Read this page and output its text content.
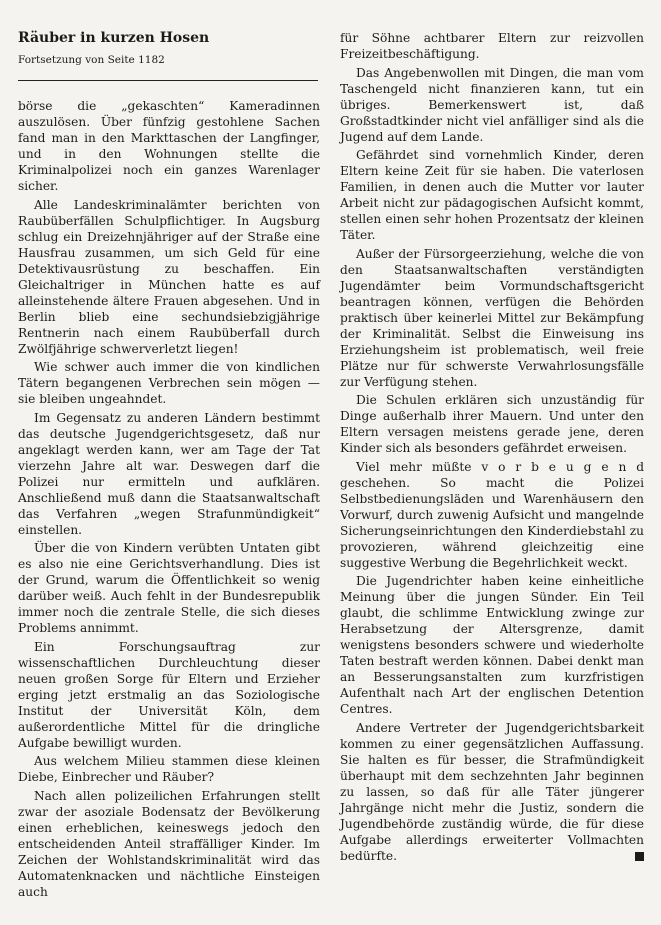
Räuber in kurzen Hosen
Fortsetzung von Seite 1182

börse die „gekaschten“ Kameradinnen auszulösen. Über fünfzig gestohlene Sachen fand man in den Markttaschen der Langfinger, und in den Wohnungen stellte die Kriminalpolizei noch ein ganzes Warenlager sicher.

Alle Landeskriminalämter berichten von Raubüberfällen Schulpflichtiger. In Augsburg schlug ein Dreizehnjähriger auf der Straße eine Hausfrau zusammen, um sich Geld für eine Detektivausrüstung zu beschaffen. Ein Gleichaltriger in München hatte es auf alleinstehende ältere Frauen abgesehen. Und in Berlin blieb eine sechundsiebzigjährige Rentnerin nach einem Raubüberfall durch Zwölfjährige schwerverletzt liegen!

Wie schwer auch immer die von kindlichen Tätern begangenen Verbrechen sein mögen — sie bleiben ungeahndet.

Im Gegensatz zu anderen Ländern bestimmt das deutsche Jugendgerichtsgesetz, daß nur angeklagt werden kann, wer am Tage der Tat vierzehn Jahre alt war. Deswegen darf die Polizei nur ermitteln und aufklären. Anschließend muß dann die Staatsanwaltschaft das Verfahren „wegen Strafunmündigkeit“ einstellen.

Über die von Kindern verübten Untaten gibt es also nie eine Gerichtsverhandlung. Dies ist der Grund, warum die Öffentlichkeit so wenig darüber weiß. Auch fehlt in der Bundesrepublik immer noch die zentrale Stelle, die sich dieses Problems annimmt.

Ein Forschungsauftrag zur wissenschaftlichen Durchleuchtung dieser neuen großen Sorge für Eltern und Erzieher erging jetzt erstmalig an das Soziologische Institut der Universität Köln, dem außerordentliche Mittel für die dringliche Aufgabe bewilligt wurden.

Aus welchem Milieu stammen diese kleinen Diebe, Einbrecher und Räuber?

Nach allen polizeilichen Erfahrungen stellt zwar der asoziale Bodensatz der Bevölkerung einen erheblichen, keineswegs jedoch den entscheidenden Anteil straffälliger Kinder. Im Zeichen der Wohlstandskriminalität wird das Automatenknacken und nächtliche Einsteigen auch

für Söhne achtbarer Eltern zur reizvollen Freizeitbeschäftigung.

Das Angebenwollen mit Dingen, die man vom Taschengeld nicht finanzieren kann, tut ein übriges. Bemerkenswert ist, daß Großstadtkinder nicht viel anfälliger sind als die Jugend auf dem Lande.

Gefährdet sind vornehmlich Kinder, deren Eltern keine Zeit für sie haben. Die vaterlosen Familien, in denen auch die Mutter vor lauter Arbeit nicht zur pädagogischen Aufsicht kommt, stellen einen sehr hohen Prozentsatz der kleinen Täter.

Außer der Fürsorgeerziehung, welche die von den Staatsanwaltschaften verständigten Jugendämter beim Vormundschaftsgericht beantragen können, verfügen die Behörden praktisch über keinerlei Mittel zur Bekämpfung der Kriminalität. Selbst die Einweisung ins Erziehungsheim ist problematisch, weil freie Plätze nur für schwerste Verwahrlosungsfälle zur Verfügung stehen.

Die Schulen erklären sich unzuständig für Dinge außerhalb ihrer Mauern. Und unter den Eltern versagen meistens gerade jene, deren Kinder sich als besonders gefährdet erweisen.

Viel mehr müßte v o r b e u g e n d geschehen. So macht die Polizei Selbstbedienungsläden und Warenhäusern den Vorwurf, durch zuwenig Aufsicht und mangelnde Sicherungseinrichtungen den Kinderdiebstahl zu provozieren, während gleichzeitig eine suggestive Werbung die Begehrlichkeit weckt.

Die Jugendrichter haben keine einheitliche Meinung über die jungen Sünder. Ein Teil glaubt, die schlimme Entwicklung zwinge zur Herabsetzung der Altersgrenze, damit wenigstens besonders schwere und wiederholte Taten bestraft werden können. Dabei denkt man an Besserungsanstalten zum kurzfristigen Aufenthalt nach Art der englischen Detention Centres.

Andere Vertreter der Jugendgerichtsbarkeit kommen zu einer gegensätzlichen Auffassung. Sie halten es für besser, die Strafmündigkeit überhaupt mit dem sechzehnten Jahr beginnen zu lassen, so daß für alle Täter jüngerer Jahrgänge nicht mehr die Justiz, sondern die Jugendbehörde zuständig würde, die für diese Aufgabe allerdings erweiterter Vollmachten bedürfte.
